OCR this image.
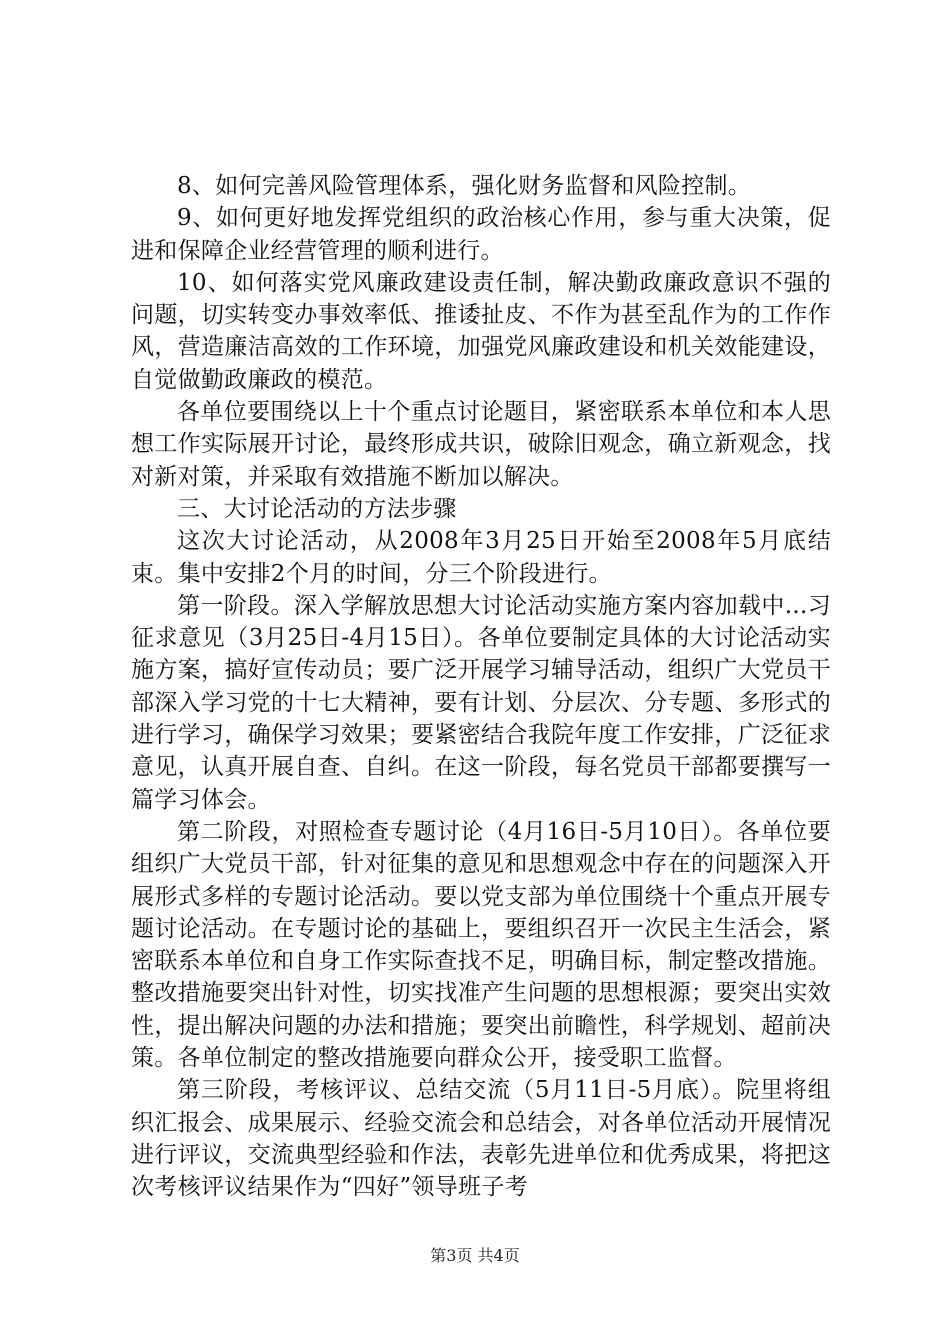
8、如何完善风险管理体系，强化财务监督和风险控制。

9、如何更好地发挥党组织的政治核心作用，参与重大决策，促进和保障企业经营管理的顺利进行。

10、如何落实党风廉政建设责任制，解决勤政廉政意识不强的问题，切实转变办事效率低、推诿扯皮、不作为甚至乱作为的工作作风，营造廉洁高效的工作环境，加强党风廉政建设和机关效能建设，自觉做勤政廉政的模范。

各单位要围绕以上十个重点讨论题目，紧密联系本单位和本人思想工作实际展开讨论，最终形成共识，破除旧观念，确立新观念，找对新对策，并采取有效措施不断加以解决。

三、大讨论活动的方法步骤

这次大讨论活动，从2008年3月25日开始至2008年5月底结束。集中安排2个月的时间，分三个阶段进行。

第一阶段。深入学解放思想大讨论活动实施方案内容加载中...习征求意见（3月25日-4月15日）。各单位要制定具体的大讨论活动实施方案，搞好宣传动员；要广泛开展学习辅导活动，组织广大党员干部深入学习党的十七大精神，要有计划、分层次、分专题、多形式的进行学习，确保学习效果；要紧密结合我院年度工作安排，广泛征求意见，认真开展自查、自纠。在这一阶段，每名党员干部都要撰写一篇学习体会。

第二阶段，对照检查专题讨论（4月16日-5月10日）。各单位要组织广大党员干部，针对征集的意见和思想观念中存在的问题深入开展形式多样的专题讨论活动。要以党支部为单位围绕十个重点开展专题讨论活动。在专题讨论的基础上，要组织召开一次民主生活会，紧密联系本单位和自身工作实际查找不足，明确目标，制定整改措施。整改措施要突出针对性，切实找准产生问题的思想根源；要突出实效性，提出解决问题的办法和措施；要突出前瞻性，科学规划、超前决策。各单位制定的整改措施要向群众公开，接受职工监督。

第三阶段，考核评议、总结交流（5月11日-5月底）。院里将组织汇报会、成果展示、经验交流会和总结会，对各单位活动开展情况进行评议，交流典型经验和作法，表彰先进单位和优秀成果，将把这次考核评议结果作为“四好”领导班子考

第3页 共4页
